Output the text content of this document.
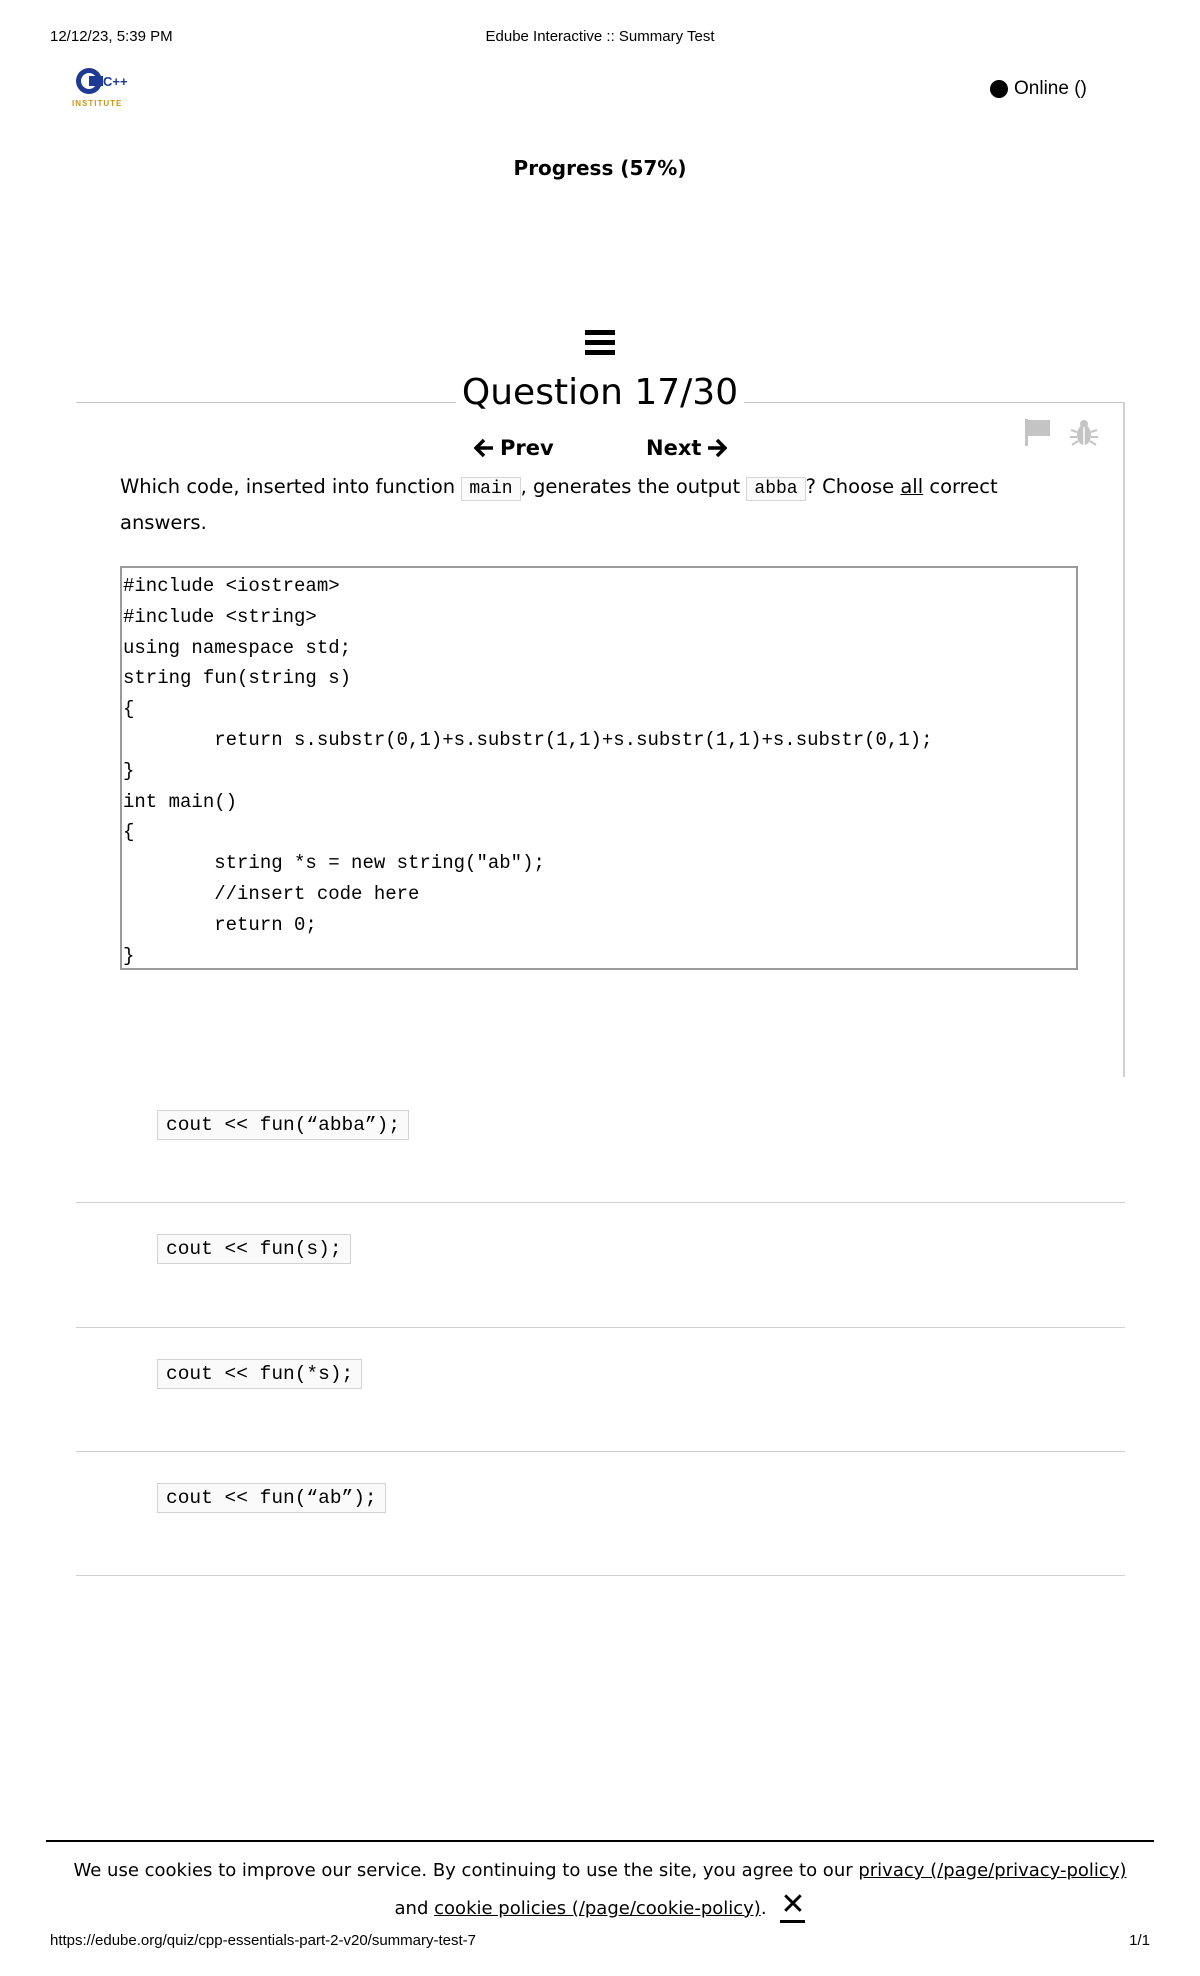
12/12/23, 5:39 PM	Edube Interactive :: Summary Test
C++
INSTITUTE
Online ()
Progress (57%)
Question 17/30
Prev	Next
Which code, inserted into function main , generates the output abba ? Choose all correct answers.
#include <iostream>
#include <string>
using namespace std;
string fun(string s)
{
return s.substr(0,1)+s.substr(1,1)+s.substr(1,1)+s.substr(0,1);
}
int main()
{
string *s = new string("ab");
//insert code here
return 0;
}
cout << fun(“abba”);
cout << fun(s);
cout << fun(*s);
cout << fun(“ab”);
We use cookies to improve our service. By continuing to use the site, you agree to our privacy (/page/privacy-policy) and cookie policies (/page/cookie-policy). ✕
https://edube.org/quiz/cpp-essentials-part-2-v20/summary-test-7	1/1
